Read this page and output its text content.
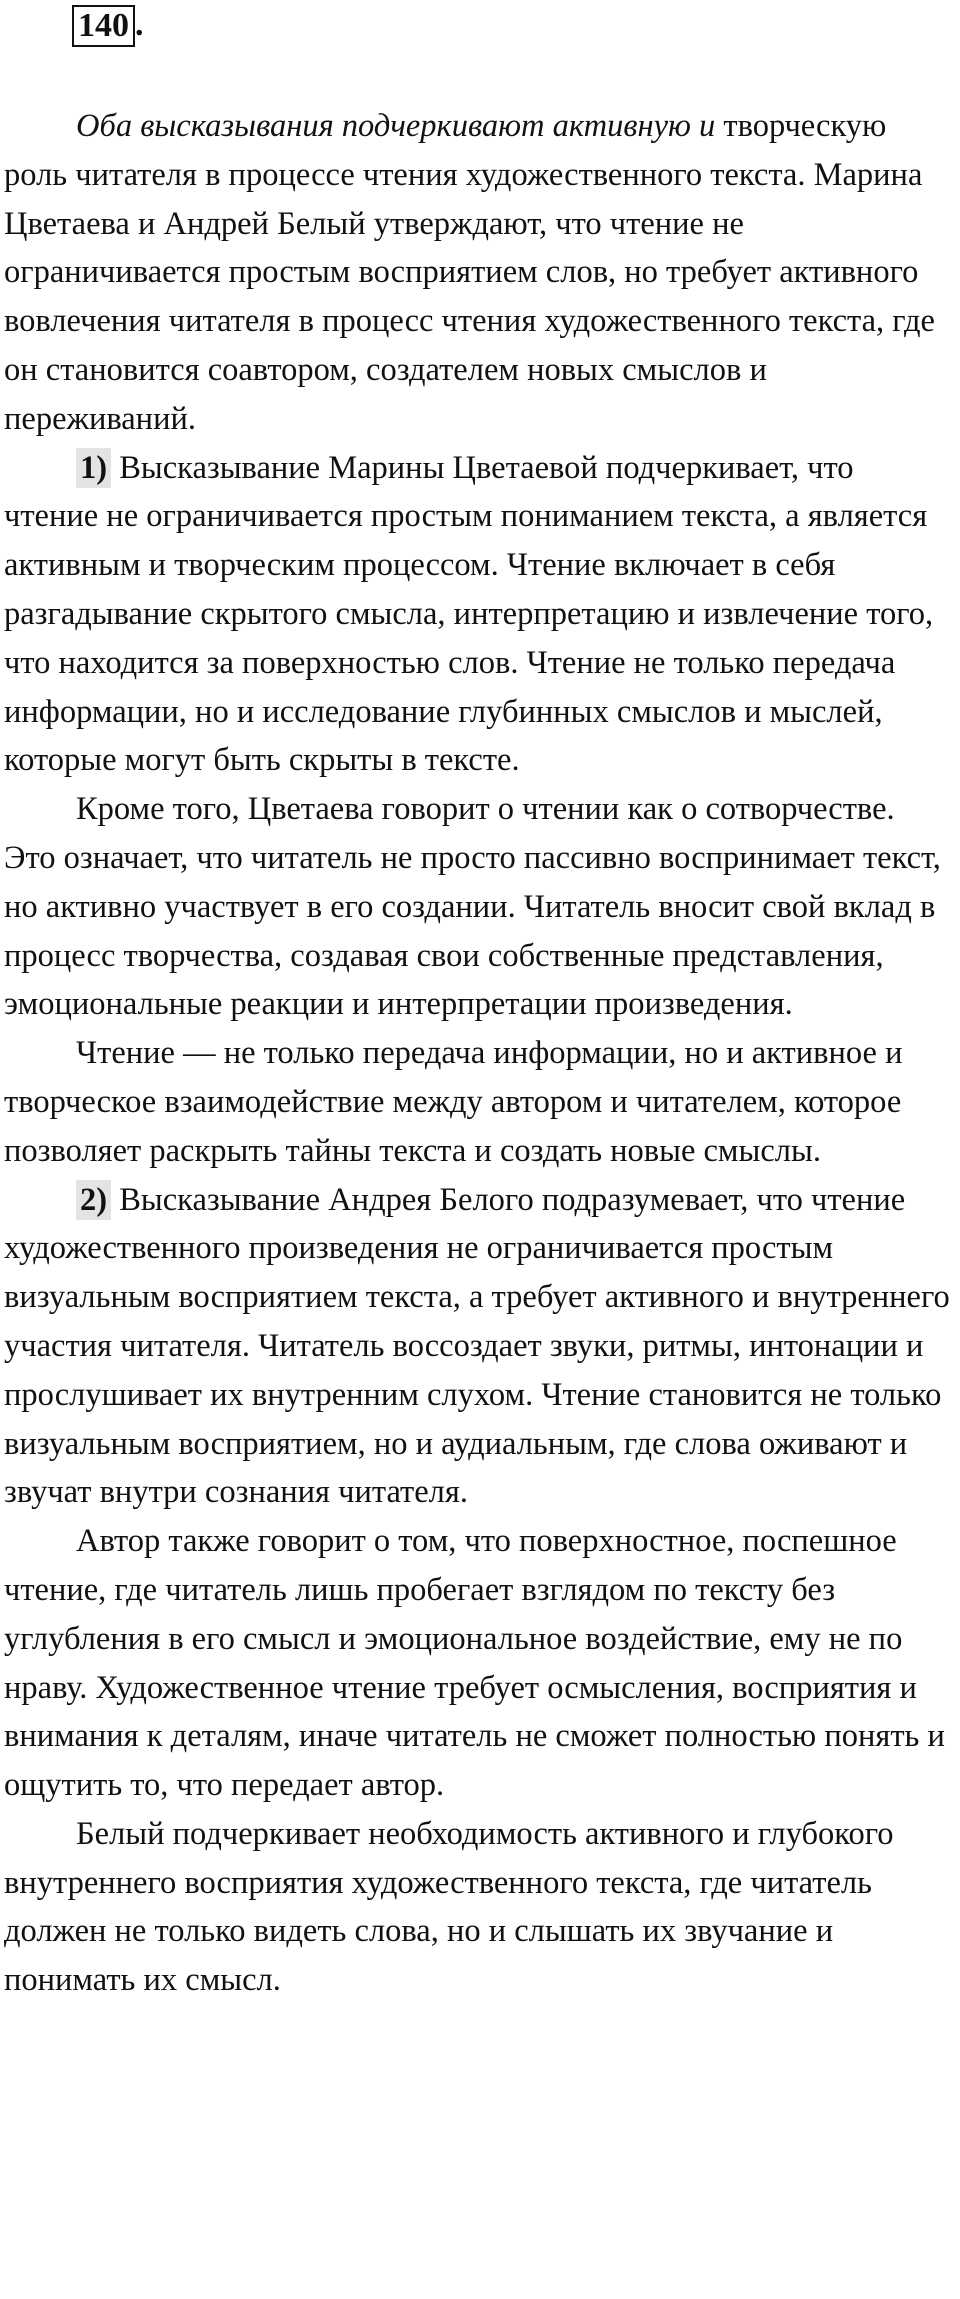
140 .

Оба высказывания подчеркивают активную и творческую роль читателя в процессе чтения художественного текста. Марина Цветаева и Андрей Белый утверждают, что чтение не ограничивается простым восприятием слов, но требует активного вовлечения читателя в процесс чтения художественного текста, где он становится соавтором, создателем новых смыслов и переживаний.

1) Высказывание Марины Цветаевой подчеркивает, что чтение не ограничивается простым пониманием текста, а является активным и творческим процессом. Чтение включает в себя разгадывание скрытого смысла, интерпретацию и извлечение того, что находится за поверхностью слов. Чтение не только передача информации, но и исследование глубинных смыслов и мыслей, которые могут быть скрыты в тексте.

Кроме того, Цветаева говорит о чтении как о сотворчестве. Это означает, что читатель не просто пассивно воспринимает текст, но активно участвует в его создании. Читатель вносит свой вклад в процесс творчества, создавая свои собственные представления, эмоциональные реакции и интерпретации произведения.

Чтение — не только передача информации, но и активное и творческое взаимодействие между автором и читателем, которое позволяет раскрыть тайны текста и создать новые смыслы.

2) Высказывание Андрея Белого подразумевает, что чтение художественного произведения не ограничивается простым визуальным восприятием текста, а требует активного и внутреннего участия читателя. Читатель воссоздает звуки, ритмы, интонации и прослушивает их внутренним слухом. Чтение становится не только визуальным восприятием, но и аудиальным, где слова оживают и звучат внутри сознания читателя.

Автор также говорит о том, что поверхностное, поспешное чтение, где читатель лишь пробегает взглядом по тексту без углубления в его смысл и эмоциональное воздействие, ему не по нраву. Художественное чтение требует осмысления, восприятия и внимания к деталям, иначе читатель не сможет полностью понять и ощутить то, что передает автор.

Белый подчеркивает необходимость активного и глубокого внутреннего восприятия художественного текста, где читатель должен не только видеть слова, но и слышать их звучание и понимать их смысл.
